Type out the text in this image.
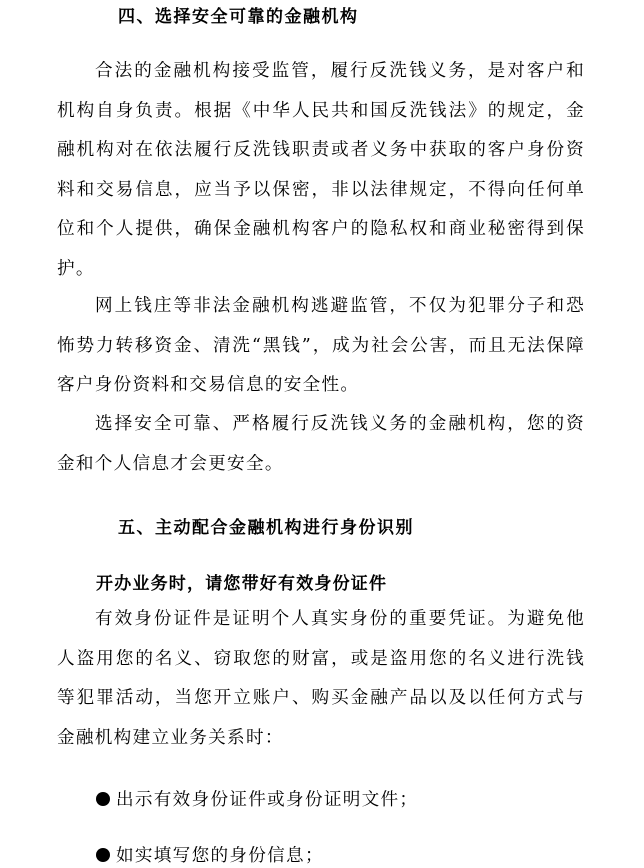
四、选择安全可靠的金融机构

合法的金融机构接受监管，履行反洗钱义务，是对客户和机构自身负责。根据《中华人民共和国反洗钱法》的规定，金融机构对在依法履行反洗钱职责或者义务中获取的客户身份资料和交易信息，应当予以保密，非以法律规定，不得向任何单位和个人提供，确保金融机构客户的隐私权和商业秘密得到保护。

网上钱庄等非法金融机构逃避监管，不仅为犯罪分子和恐怖势力转移资金、清洗“黑钱”，成为社会公害，而且无法保障客户身份资料和交易信息的安全性。

选择安全可靠、严格履行反洗钱义务的金融机构，您的资金和个人信息才会更安全。

五、主动配合金融机构进行身份识别
开办业务时，请您带好有效身份证件

有效身份证件是证明个人真实身份的重要凭证。为避免他人盗用您的名义、窃取您的财富，或是盗用您的名义进行洗钱等犯罪活动，当您开立账户、购买金融产品以及以任何方式与金融机构建立业务关系时：

出示有效身份证件或身份证明文件；
如实填写您的身份信息；
